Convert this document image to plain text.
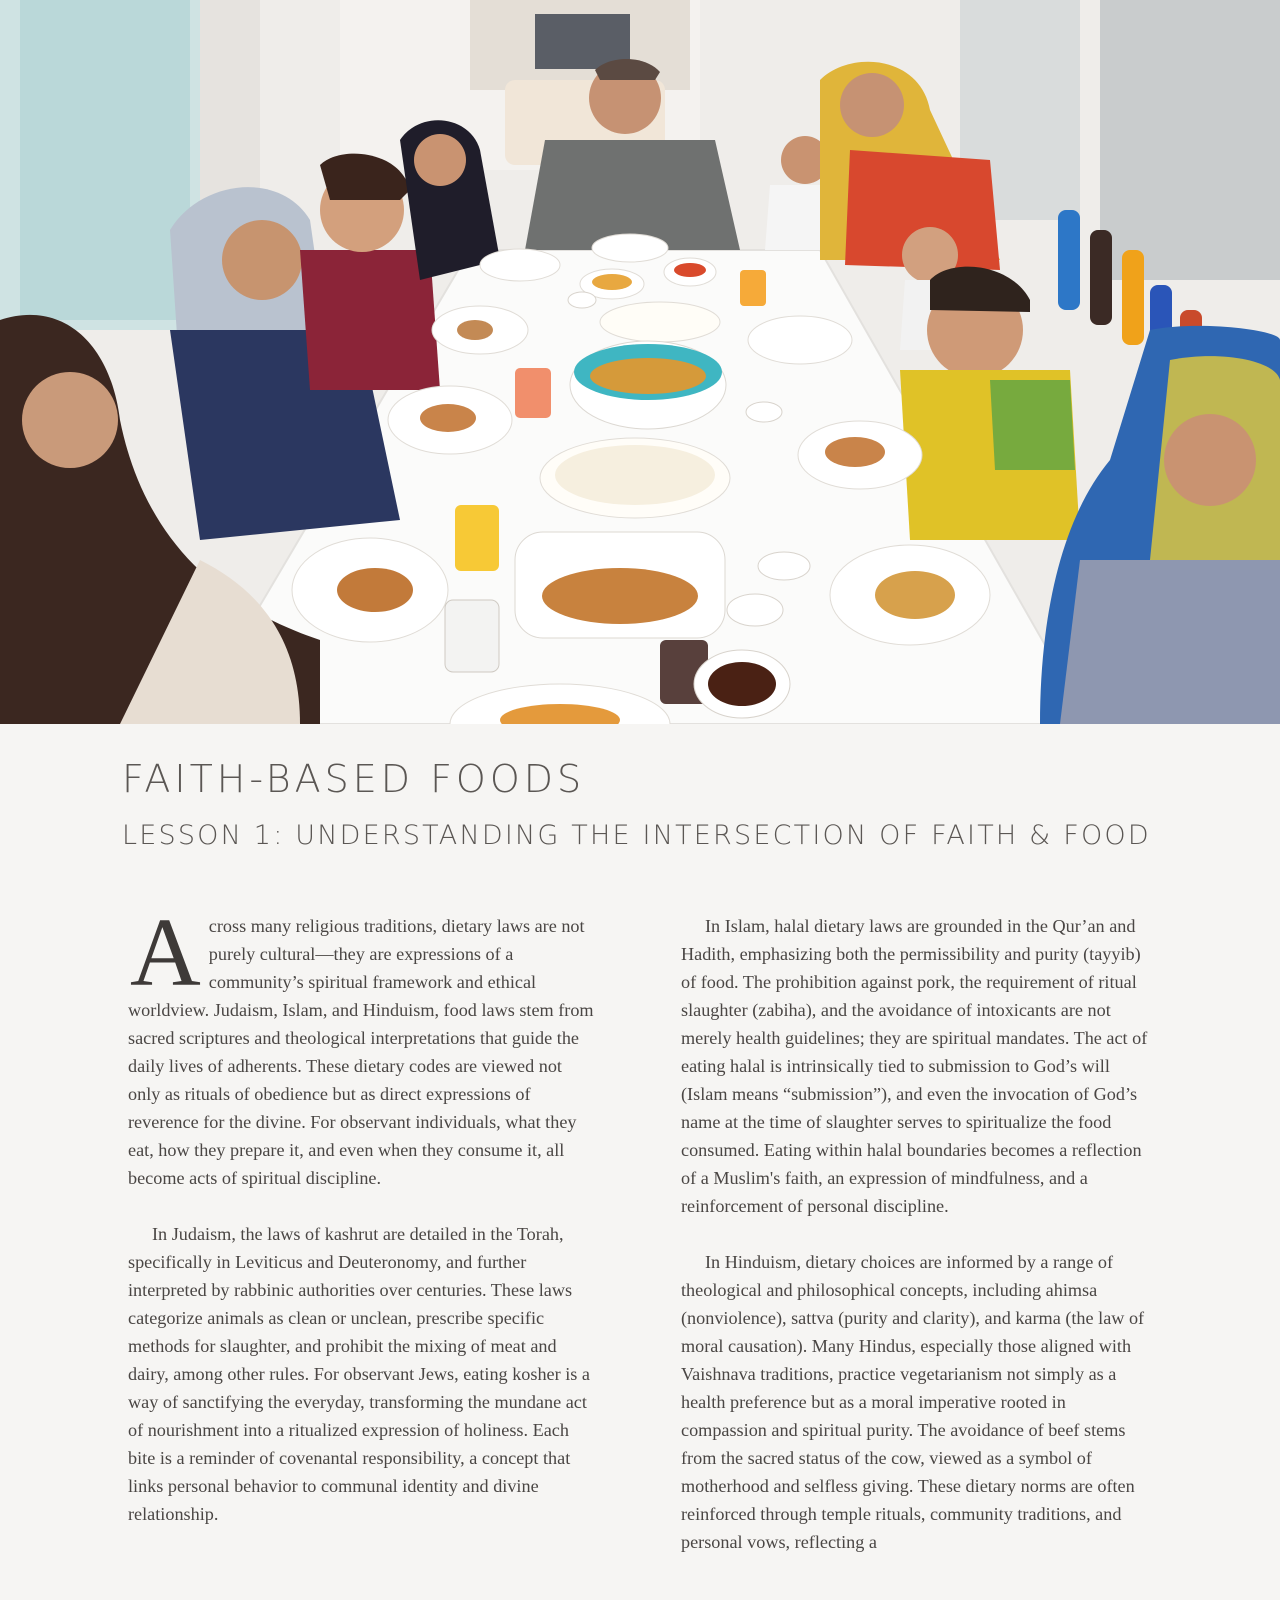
FAITH-BASED FOODS
LESSON 1: UNDERSTANDING THE INTERSECTION OF FAITH & FOOD

Across many religious traditions, dietary laws are not purely cultural—they are expressions of a community’s spiritual framework and ethical worldview. Judaism, Islam, and Hinduism, food laws stem from sacred scriptures and theological interpretations that guide the daily lives of adherents. These dietary codes are viewed not only as rituals of obedience but as direct expressions of reverence for the divine. For observant individuals, what they eat, how they prepare it, and even when they consume it, all become acts of spiritual discipline.

In Judaism, the laws of kashrut are detailed in the Torah, specifically in Leviticus and Deuteronomy, and further interpreted by rabbinic authorities over centuries. These laws categorize animals as clean or unclean, prescribe specific methods for slaughter, and prohibit the mixing of meat and dairy, among other rules. For observant Jews, eating kosher is a way of sanctifying the everyday, transforming the mundane act of nourishment into a ritualized expression of holiness. Each bite is a reminder of covenantal responsibility, a concept that links personal behavior to communal identity and divine relationship.

In Islam, halal dietary laws are grounded in the Qur’an and Hadith, emphasizing both the permissibility and purity (tayyib) of food. The prohibition against pork, the requirement of ritual slaughter (zabiha), and the avoidance of intoxicants are not merely health guidelines; they are spiritual mandates. The act of eating halal is intrinsically tied to submission to God’s will (Islam means “submission”), and even the invocation of God’s name at the time of slaughter serves to spiritualize the food consumed. Eating within halal boundaries becomes a reflection of a Muslim's faith, an expression of mindfulness, and a reinforcement of personal discipline.

In Hinduism, dietary choices are informed by a range of theological and philosophical concepts, including ahimsa (nonviolence), sattva (purity and clarity), and karma (the law of moral causation). Many Hindus, especially those aligned with Vaishnava traditions, practice vegetarianism not simply as a health preference but as a moral imperative rooted in compassion and spiritual purity. The avoidance of beef stems from the sacred status of the cow, viewed as a symbol of motherhood and selfless giving. These dietary norms are often reinforced through temple rituals, community traditions, and personal vows, reflecting a
